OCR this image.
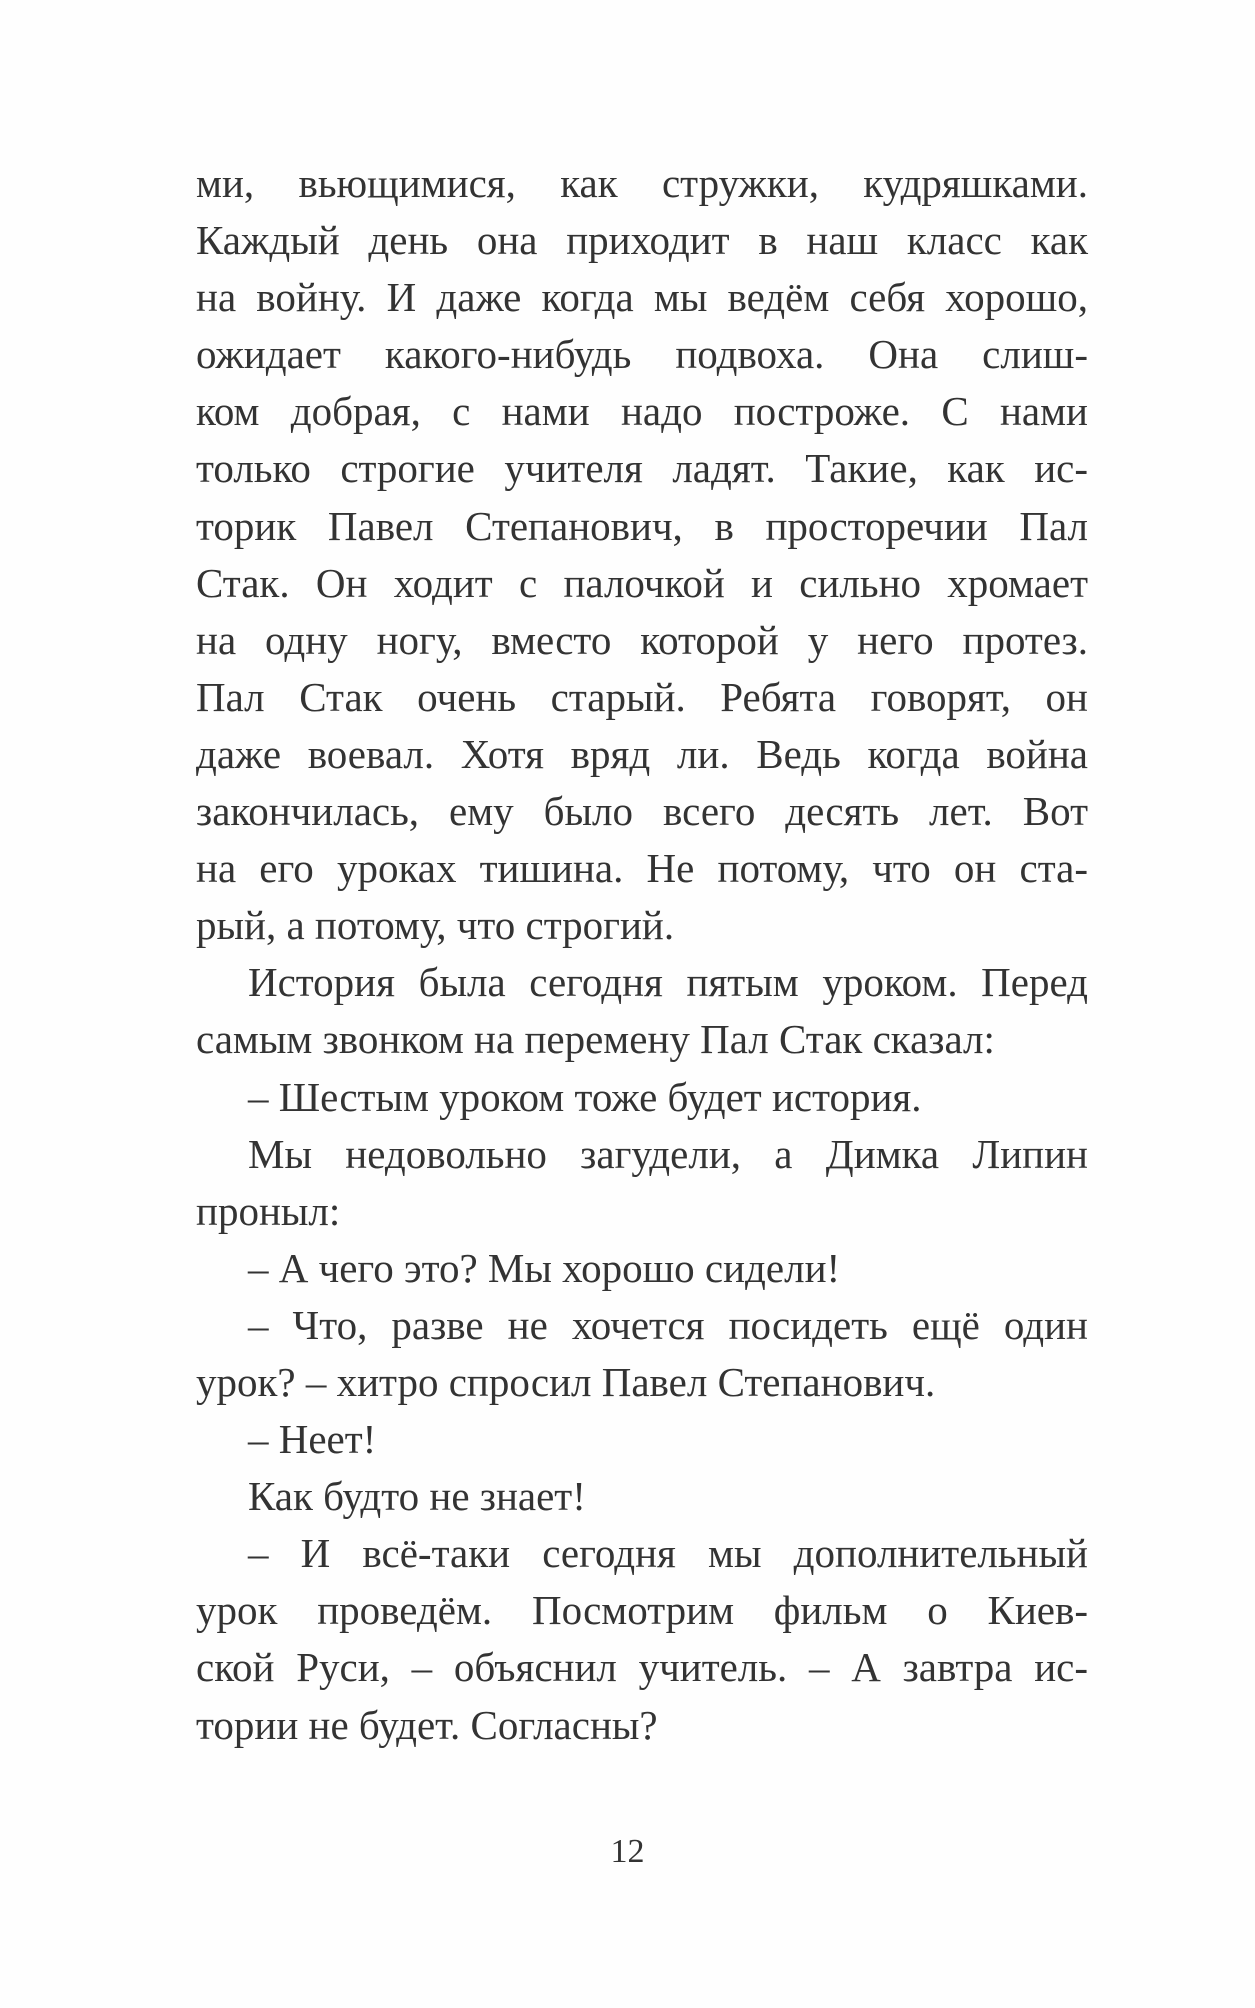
ми, вьющимися, как стружки, кудряшками.
Каждый день она приходит в наш класс как
на войну. И даже когда мы ведём себя хорошо,
ожидает какого-нибудь подвоха. Она слиш-
ком добрая, с нами надо построже. С нами
только строгие учителя ладят. Такие, как ис-
торик Павел Степанович, в просторечии Пал
Стак. Он ходит с палочкой и сильно хромает
на одну ногу, вместо которой у него протез.
Пал Стак очень старый. Ребята говорят, он
даже воевал. Хотя вряд ли. Ведь когда война
закончилась, ему было всего десять лет. Вот
на его уроках тишина. Не потому, что он ста-
рый, а потому, что строгий.
История была сегодня пятым уроком. Перед
самым звонком на перемену Пал Стак сказал:
– Шестым уроком тоже будет история.
Мы недовольно загудели, а Димка Липин
проныл:
– А чего это? Мы хорошо сидели!
– Что, разве не хочется посидеть ещё один
урок? – хитро спросил Павел Степанович.
– Неет!
Как будто не знает!
– И всё-таки сегодня мы дополнительный
урок проведём. Посмотрим фильм о Киев-
ской Руси, – объяснил учитель. – А завтра ис-
тории не будет. Согласны?
12
